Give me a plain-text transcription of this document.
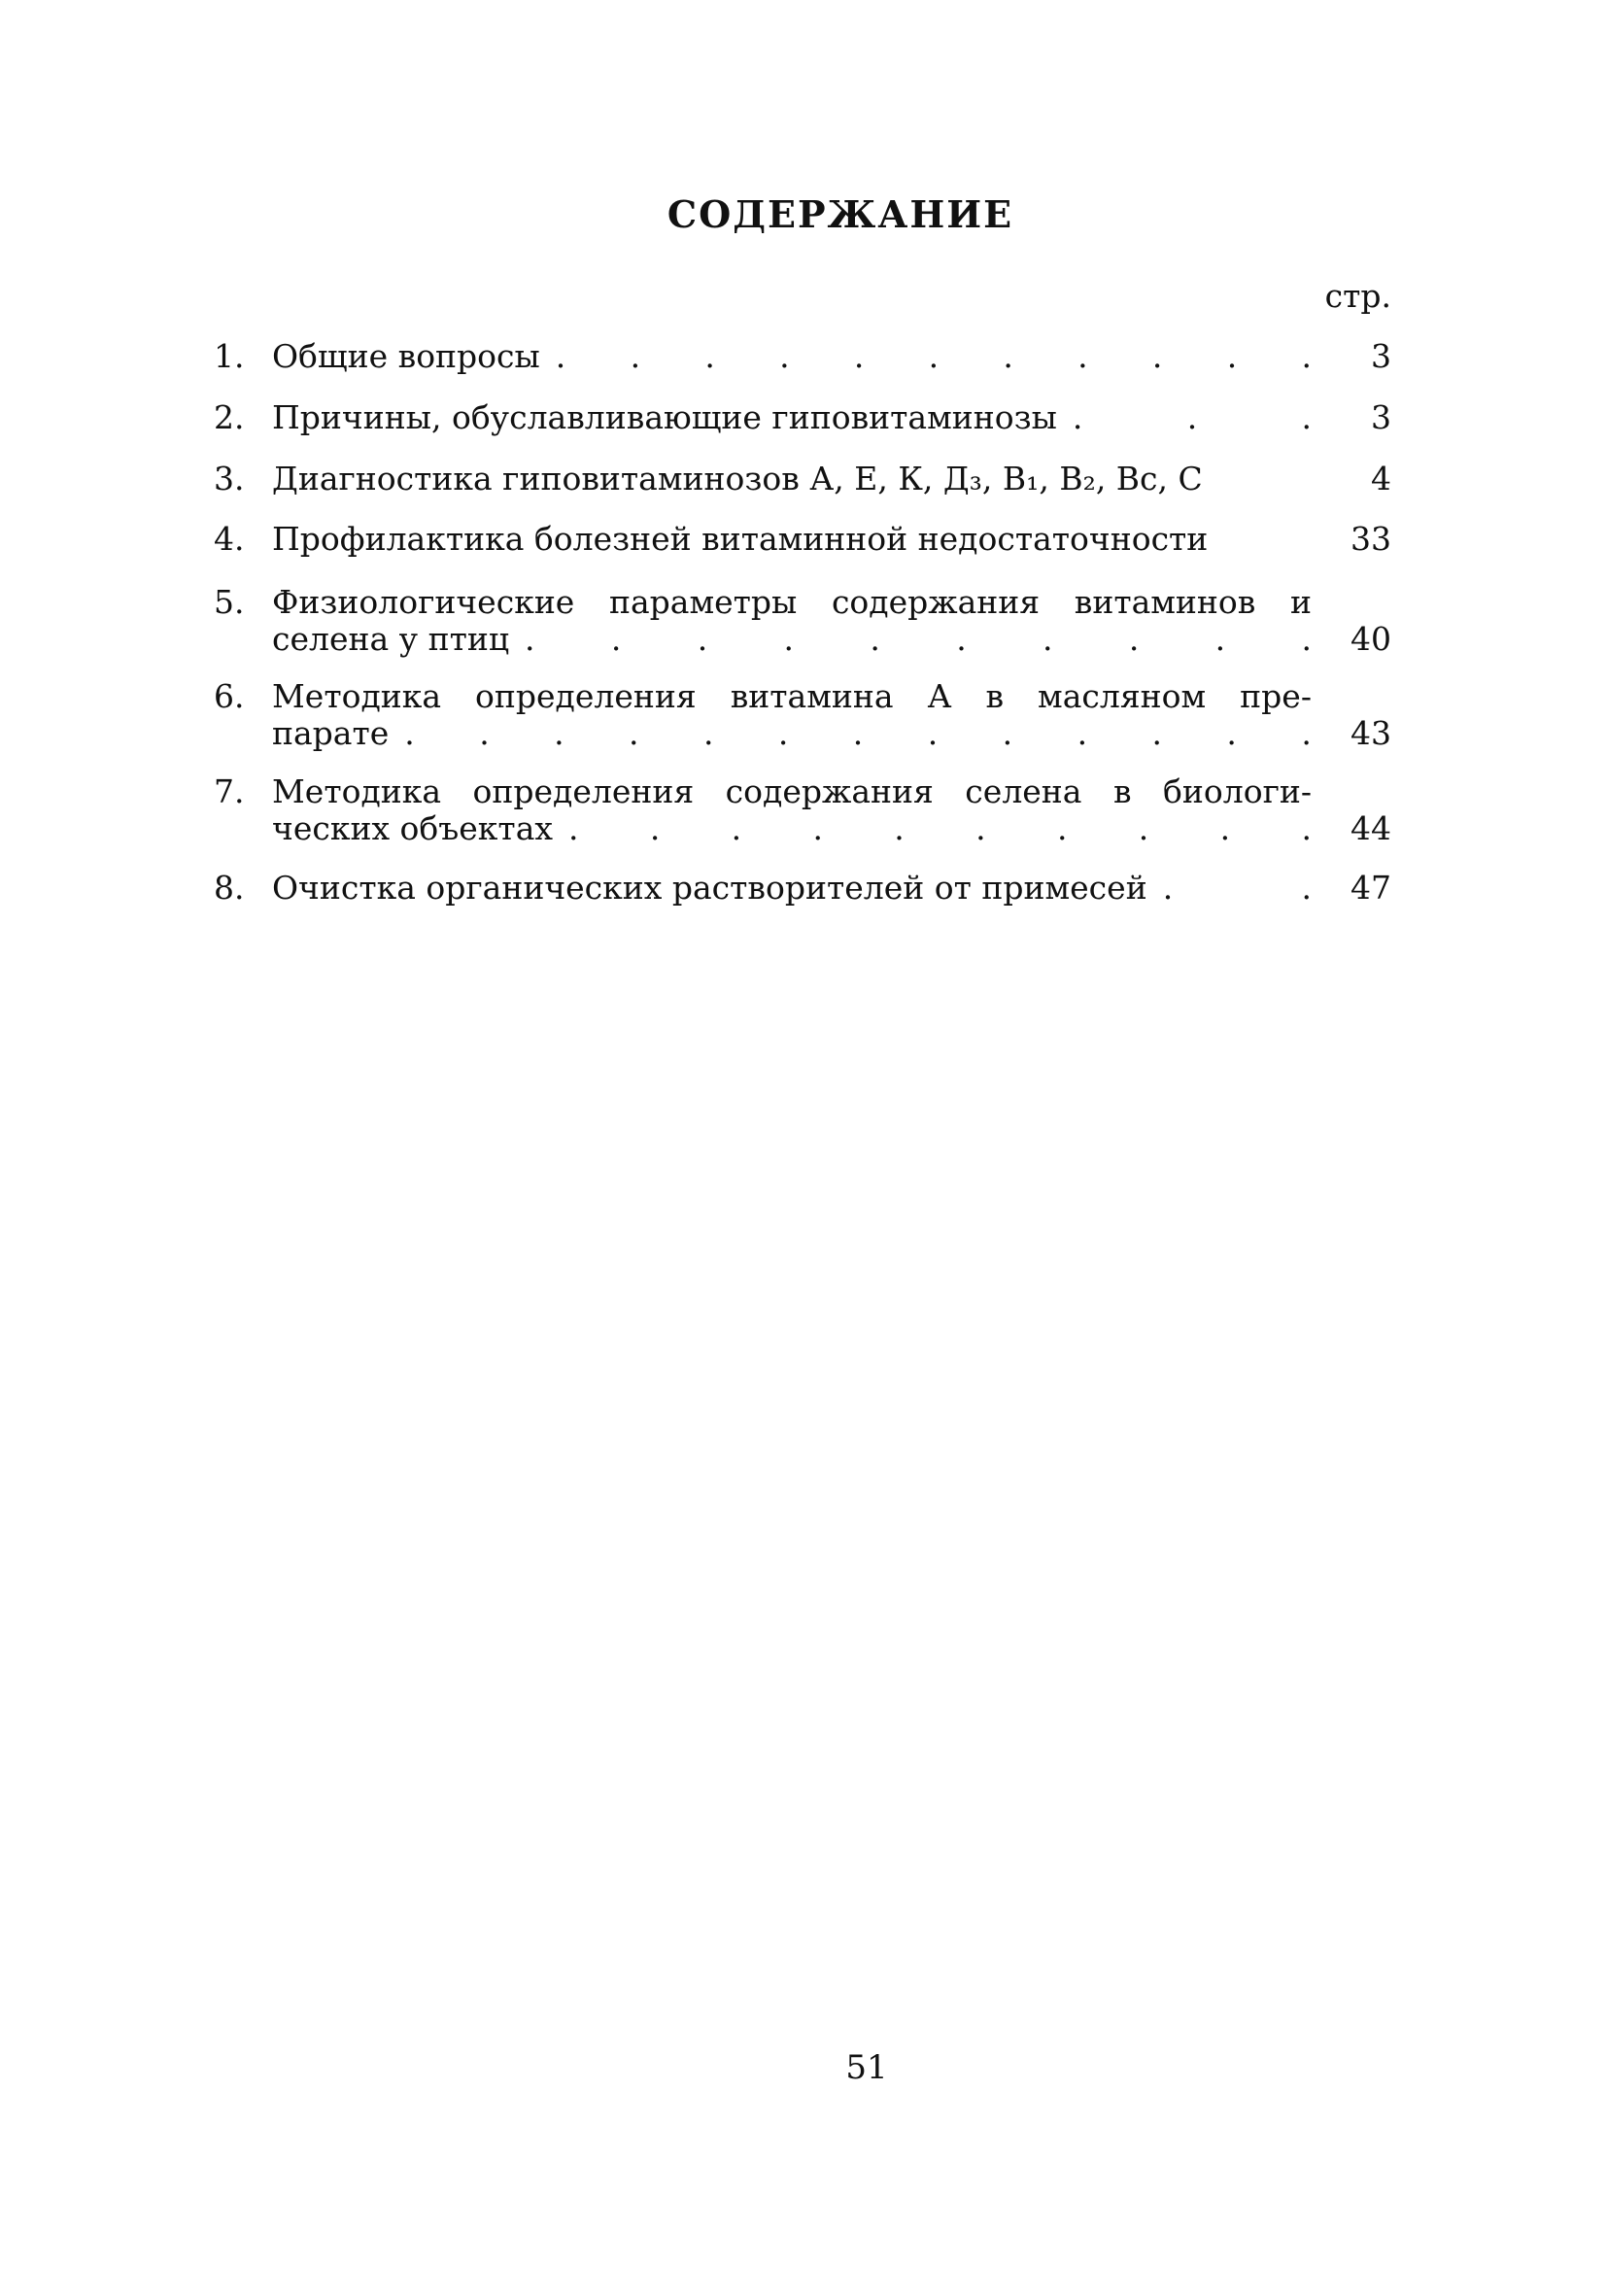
СОДЕРЖАНИЕ
стр.
1. Общие вопросы . . . . . . . . . . .	3
2. Причины, обуславливающие гиповитаминозы .	.	.	3
3. Диагностика гиповитаминозов А, Е, К, Д₃, В₁, В₂, Вс, С	4
4. Профилактика болезней витаминной недостаточности	33
5. Физиологические параметры содержания витаминов и
селена у птиц . . . . . . . . . .	40
6. Методика определения витамина А в масляном пре-
парате . . . . . . . . . . . . .	43
7. Методика определения содержания селена в биологи-
ческих объектах . . . . . . . . . .	44
8. Очистка органических растворителей от примесей .	.	47
51
